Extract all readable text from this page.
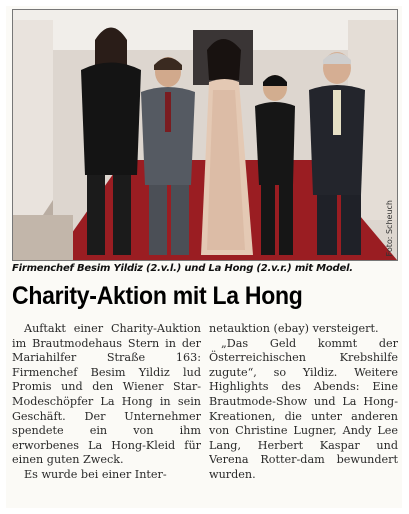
Foto: Scheuch
Firmenchef Besim Yildiz (2.v.l.) und La Hong (2.v.r.) mit Model.
Charity-Aktion mit La Hong

Auftakt einer Charity-Auktion im Brautmodehaus Stern in der Mariahilfer Straße 163: Firmenchef Besim Yildiz lud Promis und den Wiener Star-Modeschöpfer La Hong in sein Geschäft. Der Unternehmer spendete ein von ihm erworbenes La Hong-Kleid für einen guten Zweck.

Es wurde bei einer Inter-

netauktion (ebay) versteigert.

„Das Geld kommt der Österreichischen Krebshilfe zugute“, so Yildiz. Weitere Highlights des Abends: Eine Brautmode-Show und La Hong-Kreationen, die unter anderen von Christine Lugner, Andy Lee Lang, Herbert Kaspar und Verena Rotter-dam bewundert wurden.
